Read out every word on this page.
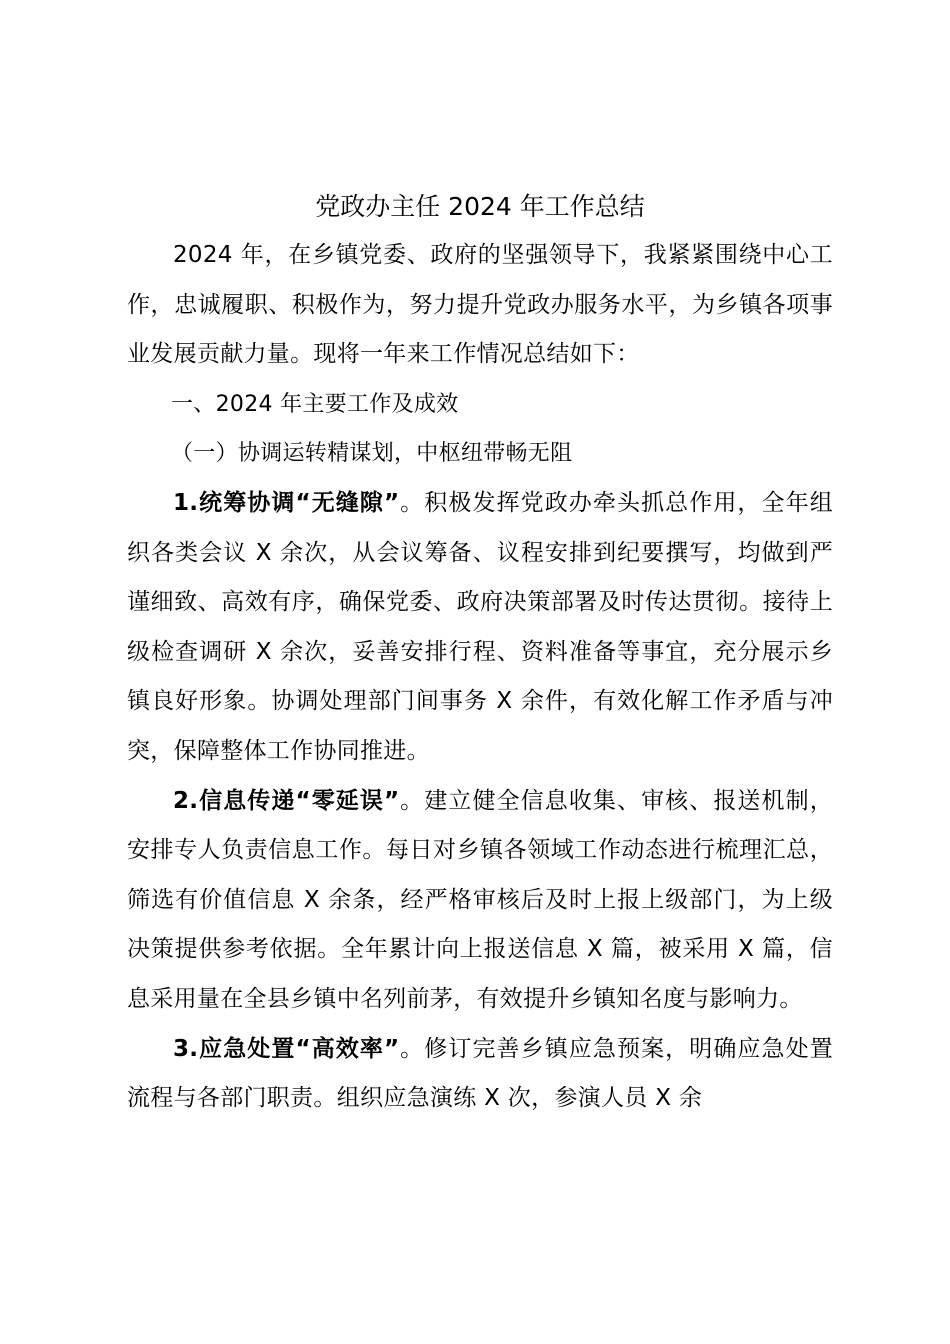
党政办主任 2024 年工作总结

2024 年，在乡镇党委、政府的坚强领导下，我紧紧围绕中心工作，忠诚履职、积极作为，努力提升党政办服务水平，为乡镇各项事业发展贡献力量。现将一年来工作情况总结如下：

一、2024 年主要工作及成效

（一）协调运转精谋划，中枢纽带畅无阻

1.统筹协调“无缝隙”。积极发挥党政办牵头抓总作用，全年组织各类会议 X 余次，从会议筹备、议程安排到纪要撰写，均做到严谨细致、高效有序，确保党委、政府决策部署及时传达贯彻。接待上级检查调研 X 余次，妥善安排行程、资料准备等事宜，充分展示乡镇良好形象。协调处理部门间事务 X 余件，有效化解工作矛盾与冲突，保障整体工作协同推进。

2.信息传递“零延误”。建立健全信息收集、审核、报送机制，安排专人负责信息工作。每日对乡镇各领域工作动态进行梳理汇总，筛选有价值信息 X 余条，经严格审核后及时上报上级部门，为上级决策提供参考依据。全年累计向上报送信息 X 篇，被采用 X 篇，信息采用量在全县乡镇中名列前茅，有效提升乡镇知名度与影响力。

3.应急处置“高效率”。修订完善乡镇应急预案，明确应急处置流程与各部门职责。组织应急演练 X 次，参演人员 X 余
